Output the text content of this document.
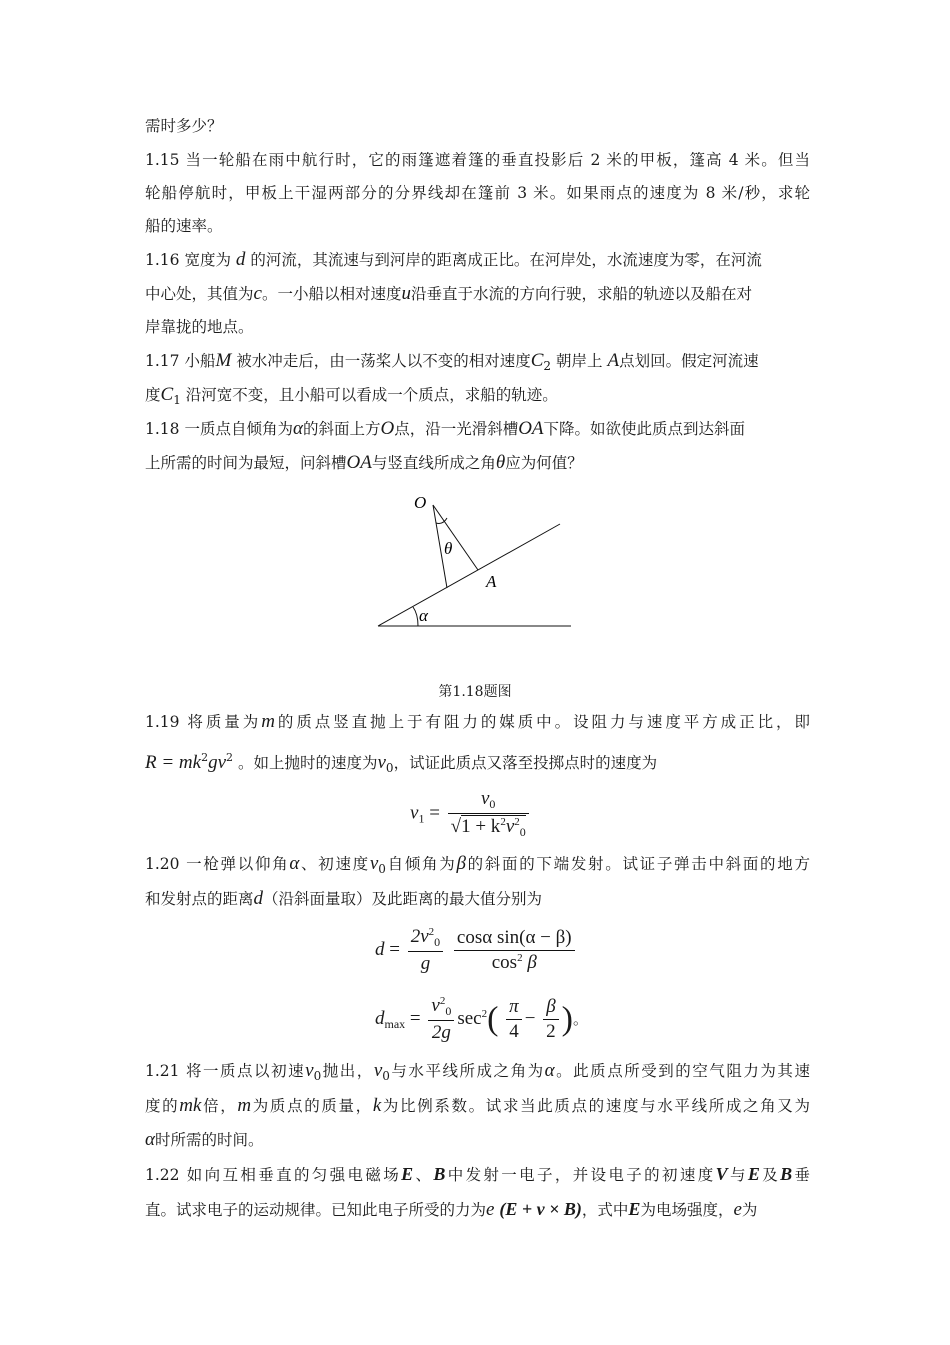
需时多少？
1.15 当一轮船在雨中航行时，它的雨篷遮着篷的垂直投影后 2 米的甲板，篷高 4 米。但当
轮船停航时，甲板上干湿两部分的分界线却在篷前 3 米。如果雨点的速度为 8 米/秒，求轮
船的速率。
1.16 宽度为 d 的河流，其流速与到河岸的距离成正比。在河岸处，水流速度为零，在河流
中心处，其值为c。一小船以相对速度u沿垂直于水流的方向行驶，求船的轨迹以及船在对
岸靠拢的地点。
1.17 小船M 被水冲走后，由一荡桨人以不变的相对速度$C_2$ 朝岸上 A点划回。假定河流速
度$C_1$ 沿河宽不变，且小船可以看成一个质点，求船的轨迹。
1.18 一质点自倾角为α的斜面上方O点，沿一光滑斜槽OA下降。如欲使此质点到达斜面
上所需的时间为最短，问斜槽OA与竖直线所成之角θ应为何值？
O
θ
A
α
第1.18题图
1.19 将质量为m的质点竖直抛上于有阻力的媒质中。设阻力与速度平方成正比，即
$R = mk^2gv^2$ 。如上抛时的速度为$v_0$，试证此质点又落至投掷点时的速度为
$v_1 = \frac{v_0}{√1 + k^2v^2_0}$
1.20 一枪弹以仰角α、初速度$v_0$自倾角为β的斜面的下端发射。试证子弹击中斜面的地方
和发射点的距离d（沿斜面量取）及此距离的最大值分别为
$d = \frac{2v^2_0}{g}$
$\frac{\text{cosα sin(α − β)}}{\cos^2 \beta}$
$d_{max} = \frac{v^2_0}{2g} \sec^2( \frac{\pi}{4} - \frac{\beta}{2}$ )。
1.21 将一质点以初速$v_0$抛出，$v_0$与水平线所成之角为α。此质点所受到的空气阻力为其速
度的mk倍，m为质点的质量，k为比例系数。试求当此质点的速度与水平线所成之角又为
α时所需的时间。
1.22 如向互相垂直的匀强电磁场E、B中发射一电子，并设电子的初速度V与E及B垂
直。试求电子的运动规律。已知此电子所受的力为e (E + v × B)，式中E为电场强度，e为
